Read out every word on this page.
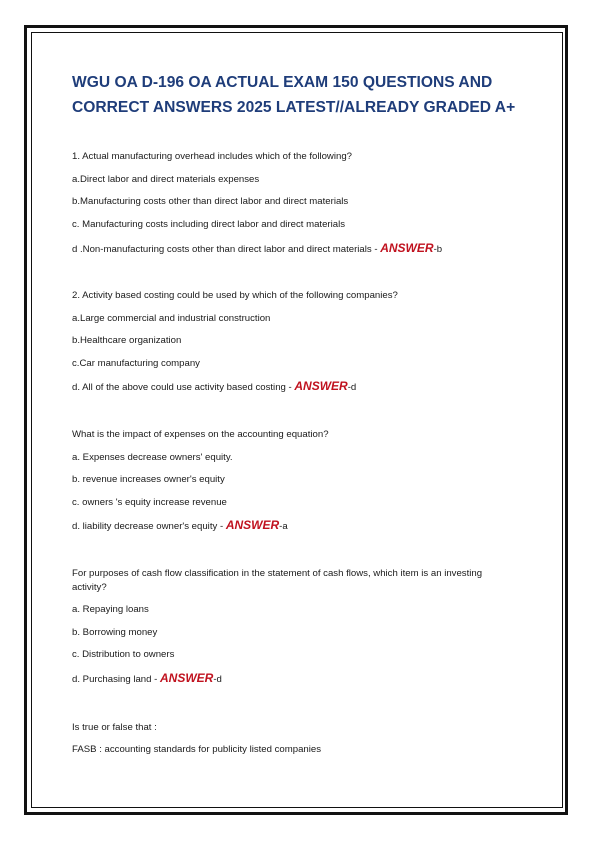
WGU OA D-196 OA ACTUAL EXAM 150 QUESTIONS AND
CORRECT ANSWERS 2025 LATEST//ALREADY GRADED A+
1. Actual manufacturing overhead includes which of the following?
a.Direct labor and direct materials expenses
b.Manufacturing costs other than direct labor and direct materials
c. Manufacturing costs including direct labor and direct materials
d .Non-manufacturing costs other than direct labor and direct materials - ANSWER-b
2. Activity based costing could be used by which of the following companies?
a.Large commercial and industrial construction
b.Healthcare organization
c.Car manufacturing company
d. All of the above could use activity based costing - ANSWER-d
What is the impact of expenses on the accounting equation?
a. Expenses decrease owners' equity.
b. revenue increases owner's equity
c. owners 's equity increase revenue
d. liability decrease owner's equity - ANSWER-a
For purposes of cash flow classification in the statement of cash flows, which item is an investing
activity?
a. Repaying loans
b. Borrowing money
c. Distribution to owners
d. Purchasing land - ANSWER-d
Is true or false that :
FASB : accounting standards for publicity listed companies
